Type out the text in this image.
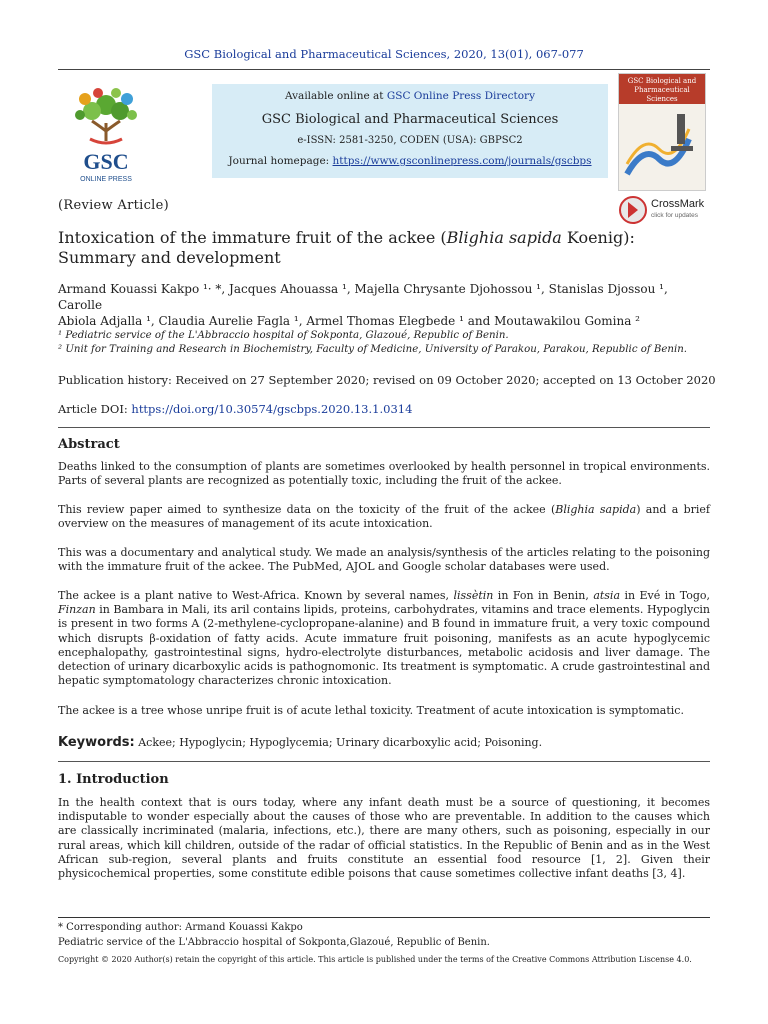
GSC Biological and Pharmaceutical Sciences, 2020, 13(01), 067-077
GSC
ONLINE PRESS
Available online at GSC Online Press Directory
GSC Biological and Pharmaceutical Sciences
e-ISSN: 2581-3250, CODEN (USA): GBPSC2
Journal homepage: https://www.gsconlinepress.com/journals/gscbps
GSC Biological and Pharmaceutical Sciences
(Review Article)	CrossMark
click for updates
Intoxication of the immature fruit of the ackee (Blighia sapida Koenig): Summary and development
Armand Kouassi Kakpo ¹· *, Jacques Ahouassa ¹, Majella Chrysante Djohossou ¹, Stanislas Djossou ¹, Carolle
Abiola Adjalla ¹, Claudia Aurelie Fagla ¹, Armel Thomas Elegbede ¹ and Moutawakilou Gomina ²
¹ Pediatric service of the L'Abbraccio hospital of Sokponta, Glazoué, Republic of Benin.
² Unit for Training and Research in Biochemistry, Faculty of Medicine, University of Parakou, Parakou, Republic of Benin.
Publication history: Received on 27 September 2020; revised on 09 October 2020; accepted on 13 October 2020
Article DOI: https://doi.org/10.30574/gscbps.2020.13.1.0314
Abstract
Deaths linked to the consumption of plants are sometimes overlooked by health personnel in tropical environments. Parts of several plants are recognized as potentially toxic, including the fruit of the ackee.
This review paper aimed to synthesize data on the toxicity of the fruit of the ackee (Blighia sapida) and a brief overview on the measures of management of its acute intoxication.
This was a documentary and analytical study. We made an analysis/synthesis of the articles relating to the poisoning with the immature fruit of the ackee. The PubMed, AJOL and Google scholar databases were used.
The ackee is a plant native to West-Africa. Known by several names, lissètin in Fon in Benin, atsia in Evé in Togo, Finzan in Bambara in Mali, its aril contains lipids, proteins, carbohydrates, vitamins and trace elements. Hypoglycin is present in two forms A (2-methylene-cyclopropane-alanine) and B found in immature fruit, a very toxic compound which disrupts β-oxidation of fatty acids. Acute immature fruit poisoning, manifests as an acute hypoglycemic encephalopathy, gastrointestinal signs, hydro-electrolyte disturbances, metabolic acidosis and liver damage. The detection of urinary dicarboxylic acids is pathognomonic. Its treatment is symptomatic. A crude gastrointestinal and hepatic symptomatology characterizes chronic intoxication.
The ackee is a tree whose unripe fruit is of acute lethal toxicity. Treatment of acute intoxication is symptomatic.
Keywords: Ackee; Hypoglycin; Hypoglycemia; Urinary dicarboxylic acid; Poisoning.
1. Introduction
In the health context that is ours today, where any infant death must be a source of questioning, it becomes indisputable to wonder especially about the causes of those who are preventable. In addition to the causes which are classically incriminated (malaria, infections, etc.), there are many others, such as poisoning, especially in our rural areas, which kill children, outside of the radar of official statistics. In the Republic of Benin and as in the West African sub-region, several plants and fruits constitute an essential food resource [1, 2]. Given their physicochemical properties, some constitute edible poisons that cause sometimes collective infant deaths [3, 4].
* Corresponding author: Armand Kouassi Kakpo
Pediatric service of the L'Abbraccio hospital of Sokponta,Glazoué, Republic of Benin.
Copyright © 2020 Author(s) retain the copyright of this article. This article is published under the terms of the Creative Commons Attribution Liscense 4.0.
